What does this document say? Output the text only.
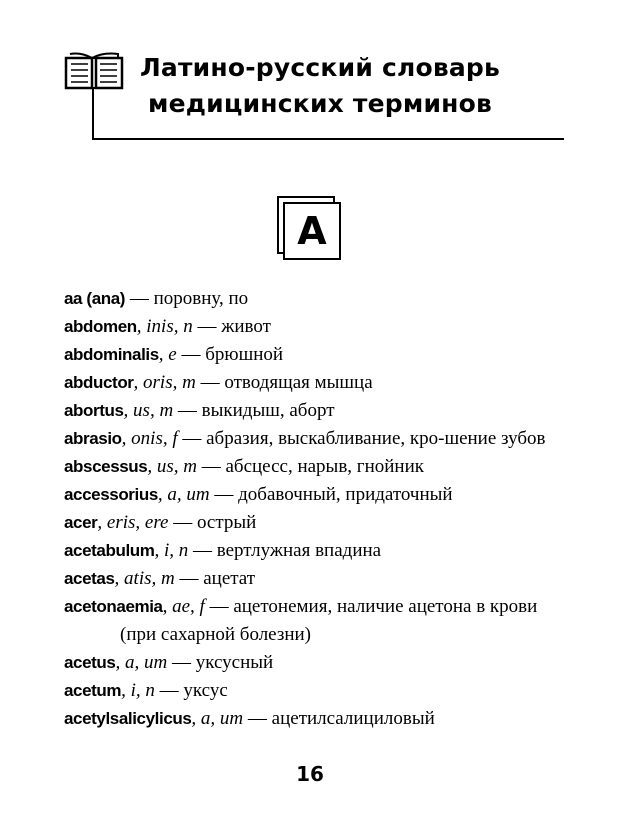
Латино-русский словарь
медицинских терминов
A

aa (ana) — поровну, по

abdomen, inis, n — живот

abdominalis, e — брюшной

abductor, oris, m — отводящая мышца

abortus, us, m — выкидыш, аборт

abrasio, onis, f — абразия, выскабливание, кро-шение зубов

abscessus, us, m — абсцесс, нарыв, гнойник

accessorius, a, um — добавочный, придаточный

acer, eris, ere — острый

acetabulum, i, n — вертлужная впадина

acetas, atis, m — ацетат

acetonaemia, ae, f — ацетонемия, наличие ацетона в крови (при сахарной болезни)

acetus, a, um — уксусный

acetum, i, n — уксус

acetylsalicylicus, a, um — ацетилсалициловый

16
